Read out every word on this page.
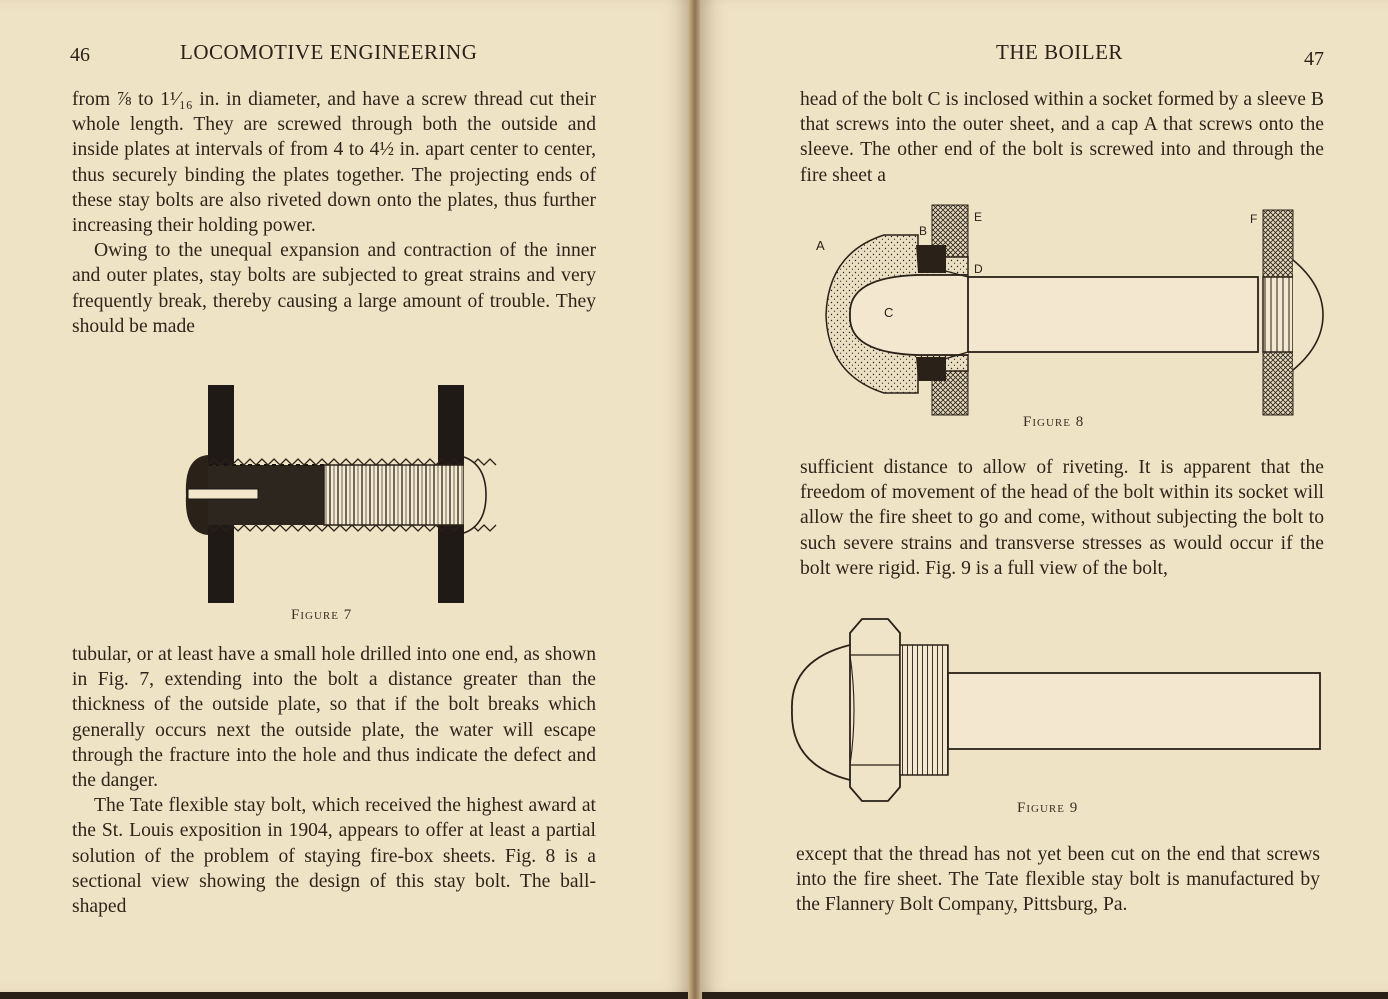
46	LOCOMOTIVE ENGINEERING

from ⅞ to 1¹⁄₁₆ in. in diameter, and have a screw thread cut their whole length. They are screwed through both the outside and inside plates at intervals of from 4 to 4½ in. apart center to center, thus securely binding the plates together. The projecting ends of these stay bolts are also riveted down onto the plates, thus further increasing their holding power.

Owing to the unequal expansion and contraction of the inner and outer plates, stay bolts are subjected to great strains and very frequently break, thereby causing a large amount of trouble. They should be made

Figure 7

tubular, or at least have a small hole drilled into one end, as shown in Fig. 7, extending into the bolt a distance greater than the thickness of the outside plate, so that if the bolt breaks which generally occurs next the outside plate, the water will escape through the fracture into the hole and thus indicate the defect and the danger.

The Tate flexible stay bolt, which received the highest award at the St. Louis exposition in 1904, appears to offer at least a partial solution of the problem of staying fire-box sheets. Fig. 8 is a sectional view showing the design of this stay bolt. The ball-shaped

THE BOILER	47

head of the bolt C is inclosed within a socket formed by a sleeve B that screws into the outer sheet, and a cap A that screws onto the sleeve. The other end of the bolt is screwed into and through the fire sheet a

A
B
C
D
E	F
Figure 8

sufficient distance to allow of riveting. It is apparent that the freedom of movement of the head of the bolt within its socket will allow the fire sheet to go and come, without subjecting the bolt to such severe strains and transverse stresses as would occur if the bolt were rigid. Fig. 9 is a full view of the bolt,

Figure 9

except that the thread has not yet been cut on the end that screws into the fire sheet. The Tate flexible stay bolt is manufactured by the Flannery Bolt Company, Pittsburg, Pa.
